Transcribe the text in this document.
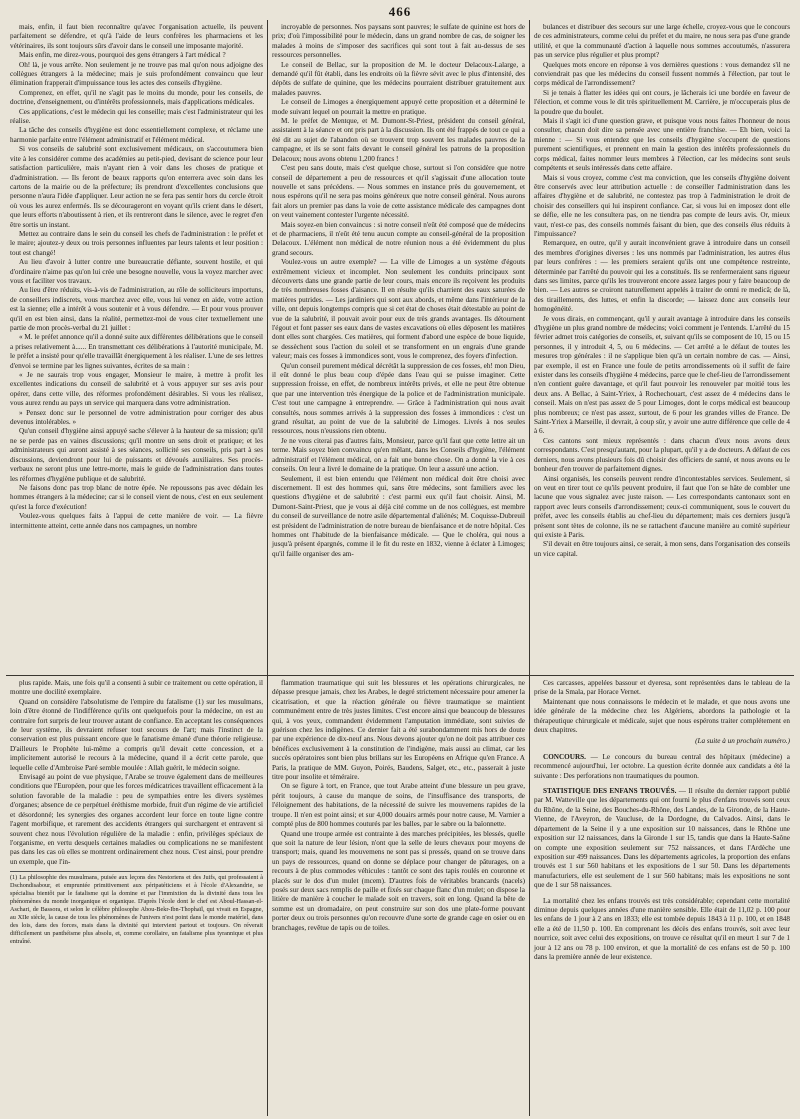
466

mais, enfin, il faut bien reconnaître qu'avec l'organisation actuelle, ils peuvent parfaitement se défendre, et qu'à l'aide de leurs confrères les pharmaciens et les vétérinaires, ils sont toujours sûrs d'avoir dans le conseil une imposante majorité.

Mais enfin, me direz-vous, pourquoi des gens étrangers à l'art médical ?

Oh! là, je vous arrête. Non seulement je ne trouve pas mal qu'on nous adjoigne des collègues étrangers à la médecine; mais je suis profondément convaincu que leur élimination frapperait d'impuissance tous les actes des conseils d'hygiène.

Comprenez, en effet, qu'il ne s'agit pas le moins du monde, pour les conseils, de doctrine, d'enseignement, ou d'intérêts professionnels, mais d'applications médicales.

Ces applications, c'est le médecin qui les conseille; mais c'est l'administrateur qui les réalise.

La tâche des conseils d'hygiène est donc essentiellement complexe, et réclame une harmonie parfaite entre l'élément administratif et l'élément médical.

Si vos conseils de salubrité sont exclusivement médicaux, on s'accoutumera bien vite à les considérer comme des académies au petit-pied, devisant de science pour leur satisfaction particulière, mais n'ayant rien à voir dans les choses de pratique et d'administration. — Ils feront de beaux rapports qu'on enterrera avec soin dans les cartons de la mairie ou de la préfecture; ils prendront d'excellentes conclusions que personne n'aura l'idée d'appliquer. Leur action ne se fera pas sentir hors du cercle étroit où vous les aurez enfermés. Ils se décourageront en voyant qu'ils crient dans le désert, que leurs efforts n'aboutissent à rien, et ils rentreront dans le silence, avec le regret d'en être sortis un instant.

Mettez au contraire dans le sein du conseil les chefs de l'administration : le préfet et le maire; ajoutez-y deux ou trois personnes influentes par leurs talents et leur position : tout est changé!

Au lieu d'avoir à lutter contre une bureaucratie défiante, souvent hostile, et qui d'ordinaire n'aime pas qu'on lui crée une besogne nouvelle, vous la voyez marcher avec vous et faciliter vos travaux.

Au lieu d'être réduits, vis-à-vis de l'administration, au rôle de solliciteurs importuns, de conseillers indiscrets, vous marchez avec elle, vous lui venez en aide, votre action est la sienne; elle a intérêt à vous soutenir et à vous défendre. — Et pour vous prouver qu'il en est bien ainsi, dans la réalité, permettez-moi de vous citer textuellement une partie de mon procès-verbal du 21 juillet :

« M. le préfet annonce qu'il a donné suite aux différentes délibérations que le conseil a prises relativement à...... En transmettant ces délibérations à l'autorité municipale, M. le préfet a insisté pour qu'elle travaillât énergiquement à les réaliser. L'une de ses lettres d'envoi se termine par les lignes suivantes, écrites de sa main :

« Je ne saurais trop vous engager, Monsieur le maire, à mettre à profit les excellentes indications du conseil de salubrité et à vous appuyer sur ses avis pour opérer, dans cette ville, des réformes profondément désirables. Si vous les réalisez, vous aurez rendu au pays un service qui marquera dans votre administration.

» Pensez donc sur le personnel de votre administration pour corriger des abus devenus intolérables. »

Qu'un conseil d'hygiène ainsi appuyé sache s'élever à la hauteur de sa mission; qu'il ne se perde pas en vaines discussions; qu'il montre un sens droit et pratique; et les administrateurs qui auront assisté à ses séances, sollicité ses conseils, pris part à ses discussions, deviendront pour lui de puissants et dévoués auxiliaires. Ses procès-verbaux ne seront plus une lettre-morte, mais le guide de l'administration dans toutes les réformes d'hygiène publique et de salubrité.

Ne faisons donc pas trop blanc de notre épée. Ne repoussons pas avec dédain les hommes étrangers à la médecine; car si le conseil vient de nous, c'est en eux seulement qu'est la force d'exécution!

Voulez-vous quelques faits à l'appui de cette manière de voir. — La fièvre intermittente atteint, cette année dans nos campagnes, un nombre

incroyable de personnes. Nos paysans sont pauvres; le sulfate de quinine est hors de prix; d'où l'impossibilité pour le médecin, dans un grand nombre de cas, de soigner les malades à moins de s'imposer des sacrifices qui sont tout à fait au-dessus de ses ressources personnelles.

Le conseil de Bellac, sur la proposition de M. le docteur Delacoux-Lalarge, a demandé qu'il fût établi, dans les endroits où la fièvre sévit avec le plus d'intensité, des dépôts de sulfate de quinine, que les médecins pourraient distribuer gratuitement aux malades pauvres.

Le conseil de Limoges a énergiquement appuyé cette proposition et a déterminé le mode suivant lequel on pourrait la mettre en pratique.

M. le préfet de Mentque, et M. Dumont-St-Priest, président du conseil général, assistaient à la séance et ont pris part à la discussion. Ils ont été frappés de tout ce qui a été dit au sujet de l'abandon où se trouvent trop souvent les malades pauvres de la campagne, et ils se sont faits devant le conseil général les patrons de la proposition Delacoux; nous avons obtenu 1,200 francs !

C'est peu sans doute, mais c'est quelque chose, surtout si l'on considère que notre conseil de département a peu de ressources et qu'il s'agissait d'une allocation toute nouvelle et sans précédens. — Nous sommes en instance près du gouvernement, et nous espérons qu'il ne sera pas moins généreux que notre conseil général. Nous aurons fait alors un premier pas dans la voie de cette assistance médicale des campagnes dont on veut vainement contester l'urgente nécessité.

Mais soyez-en bien convaincus : si notre conseil n'eût été composé que de médecins et de pharmaciens, il n'eût été tenu aucun compte au conseil-général de la proposition Delacoux. L'élément non médical de notre réunion nous a été évidemment du plus grand secours.

Voulez-vous un autre exemple? — La ville de Limoges a un système d'égouts extrêmement vicieux et incomplet. Non seulement les conduits principaux sont découverts dans une grande partie de leur cours, mais encore ils reçoivent les produits de très nombreuses fosses d'aisance. Il en résulte qu'ils charrient des eaux saturées de matières putrides. — Les jardiniers qui sont aux abords, et même dans l'intérieur de la ville, ont depuis longtemps compris que si cet état de choses était détestable au point de vue de la salubrité, il pouvait avoir pour eux de très grands avantages. Ils détournent l'égout et font passer ses eaux dans de vastes excavations où elles déposent les matières dont elles sont chargées. Ces matières, qui forment d'abord une espèce de boue liquide, se dessèchent sous l'action du soleil et se transforment en un engrais d'une grande valeur; mais ces fosses à immondices sont, vous le comprenez, des foyers d'infection.

Qu'un conseil purement médical décrétât la suppression de ces fosses, eh! mon Dieu, il eût donné le plus beau coup d'épée dans l'eau qui se puisse imaginer. Cette suppression froisse, en effet, de nombreux intérêts privés, et elle ne peut être obtenue que par une intervention très énergique de la police et de l'administration municipale. C'est tout une campagne à entreprendre. — Grâce à l'administration qui nous avait consultés, nous sommes arrivés à la suppression des fosses à immondices : c'est un grand résultat, au point de vue de la salubrité de Limoges. Livrés à nos seules ressources, nous n'eussions rien obtenu.

Je ne vous citerai pas d'autres faits, Monsieur, parce qu'il faut que cette lettre ait un terme. Mais soyez bien convaincu qu'en mêlant, dans les Conseils d'hygiène, l'élément administratif et l'élément médical, on a fait une bonne chose. On a donné la vie à ces conseils. On leur a livré le domaine de la pratique. On leur a assuré une action.

Seulement, il est bien entendu que l'élément non médical doit être choisi avec discernement. Il est des hommes qui, sans être médecins, sont familiers avec les questions d'hygiène et de salubrité : c'est parmi eux qu'il faut choisir. Ainsi, M. Dumont-Saint-Priest, que je vous ai déjà cité comme un de nos collègues, est membre du conseil de surveillance de notre asile départemental d'aliénés; M. Coquisse-Dubreuil est président de l'administration de notre bureau de bienfaisance et de notre hôpital. Ces hommes ont l'habitude de la bienfaisance médicale. — Que le choléra, qui nous a jusqu'à présent épargnés, comme il le fit du reste en 1832, vienne à éclater à Limoges; qu'il faille organiser des am-

bulances et distribuer des secours sur une large échelle, croyez-vous que le concours de ces administrateurs, comme celui du préfet et du maire, ne nous sera pas d'une grande utilité, et que la communauté d'action à laquelle nous sommes accoutumés, n'assurera pas un service plus régulier et plus prompt?

Quelques mots encore en réponse à vos dernières questions : vous demandez s'il ne conviendrait pas que les médecins du conseil fussent nommés à l'élection, par tout le corps médical de l'arrondissement?

Si je tenais à flatter les idées qui ont cours, je lâcherais ici une bordée en faveur de l'élection, et comme vous le dit très spirituellement M. Carrière, je m'occuperais plus de la poudre que du boulet.

Mais il s'agit ici d'une question grave, et puisque vous nous faites l'honneur de nous consulter, chacun doit dire sa pensée avec une entière franchise. — Eh bien, voici la mienne : — Si vous entendez que les conseils d'hygiène s'occupent de questions purement scientifiques, et prennent en main la gestion des intérêts professionnels du corps médical, faites nommer leurs membres à l'élection, car les médecins sont seuls compétents et seuls intéressés dans cette affaire.

Mais si vous croyez, comme c'est ma conviction, que les conseils d'hygiène doivent être conservés avec leur attribution actuelle : de conseiller l'administration dans les affaires d'hygiène et de salubrité, ne contestez pas trop à l'administration le droit de choisir des conseillers qui lui inspirent confiance. Car, si vous lui en imposez dont elle se défie, elle ne les consultera pas, on ne tiendra pas compte de leurs avis. Or, mieux vaut, n'est-ce pas, des conseils nommés faisant du bien, que des conseils élus réduits à l'impuissance?

Remarquez, en outre, qu'il y aurait inconvénient grave à introduire dans un conseil des membres d'origines diverses : les uns nommés par l'administration, les autres élus par leurs confrères : — les premiers seraient qu'ils ont une compétence restreinte, déterminée par l'arrêté du pouvoir qui les a constitués. Ils se renfermeraient sans rigueur dans ses limites, parce qu'ils les trouveront encore assez larges pour y faire beaucoup de bien. — Les autres se croiront naturellement appelés à traiter de omni re medicâ; de là, des tiraillements, des luttes, et enfin la discorde; — laissez donc aux conseils leur homogénéité.

Je vous dirais, en commençant, qu'il y aurait avantage à introduire dans les conseils d'hygiène un plus grand nombre de médecins; voici comment je l'entends. L'arrêté du 15 février admet trois catégories de conseils, et, suivant qu'ils se composent de 10, 15 ou 15 personnes, il y introduit 4, 5, ou 6 médecins. — Cet arrêté a le défaut de toutes les mesures trop générales : il ne s'applique bien qu'à un certain nombre de cas. — Ainsi, par exemple, il est en France une foule de petits arrondissements où il suffit de faire exister dans les conseils d'hygiène 4 médecins, parce que le chef-lieu de l'arrondissement n'en contient guère davantage, et qu'il faut pouvoir les renouveler par moitié tous les deux ans. A Bellac, à Saint-Yriex, à Rochechouart, c'est assez de 4 médecins dans le conseil. Mais on n'est pas assez de 5 pour Limoges, dont le corps médical est beaucoup plus nombreux; ce n'est pas assez, surtout, de 6 pour les grandes villes de France. De Saint-Yriex à Marseille, il devrait, à coup sûr, y avoir une autre différence que celle de 4 à 6.

Ces cantons sont mieux représentés : dans chacun d'eux nous avons deux correspondants. C'est presqu'autant, pour la plupart, qu'il y a de docteurs. A défaut de ces derniers, nous avons plusieurs fois dû choisir des officiers de santé, et nous avons eu le bonheur d'en trouver de parfaitement dignes.

Ainsi organisés, les conseils peuvent rendre d'incontestables services. Seulement, si on veut en tirer tout ce qu'ils peuvent produire, il faut que l'on se hâte de combler une lacune que vous signalez avec juste raison. — Les correspondants cantonaux sont en rapport avec leurs conseils d'arrondissement; ceux-ci communiquent, sous le couvert du préfet, avec les conseils établis au chef-lieu du département; mais ces derniers jusqu'à présent sont tètes de colonne, ils ne se rattachent d'aucune manière au comité supérieur qui existe à Paris.

S'il devait en être toujours ainsi, ce serait, à mon sens, dans l'organisation des conseils un vice capital.

plus rapide. Mais, une fois qu'il a consenti à subir ce traitement ou cette opération, il montre une docilité exemplaire.

Quand on considère l'absolutisme de l'empire du fatalisme (1) sur les musulmans, loin d'être étonné de l'indifférence qu'ils ont quelquefois pour la médecine, on est au contraire fort surpris de leur trouver autant de confiance. En acceptant les conséquences de leur système, ils devraient refuser tout secours de l'art; mais l'instinct de la conservation est plus puissant encore que le fanatisme émané d'une théorie religieuse. D'ailleurs le Prophète lui-même a compris qu'il devait cette concession, et a implicitement autorisé le recours à la médecine, quand il a écrit cette parole, que lequelle celle d'Ambroise Paré semble moulée : Allah guérit, le médecin soigne.

Envisagé au point de vue physique, l'Arabe se trouve également dans de meilleures conditions que l'Européen, pour que les forces médicatrices travaillent efficacement à la solution favorable de la maladie : peu de sympathies entre les divers systèmes d'organes; absence de ce perpétuel éréthisme morbide, fruit d'un régime de vie artificiel et désordonné; les synergies des organes accordent leur force en toute ligne contre l'agent morbifique, et rarement des accidents étrangers qui surchargent et entravent si souvent chez nous l'évolution régulière de la maladie : enfin, privilèges spéciaux de l'organisme, en vertu desquels certaines maladies ou complications ne se manifestent pas dans les cas où elles se montrent ordinairement chez nous. C'est ainsi, pour prendre un exemple, que l'in-

(1) La philosophie des musulmans, puisée aux leçons des Nestoriens et des Juifs, qui professaient à Dschondisabour, et empruntée primitivement aux péripatéticiens et à l'école d'Alexandrie, se spécialisa bientôt par le fatalisme qui la domine et par l'immixtion du la divinité dans tous les phénomènes du monde inorganique et organique. D'après l'école dont le chef est Aboul-Hassan-el-Aschari, de Bassora, et selon le célèbre philosophe Abou-Bekr-Ibn-Thophaïl, qui vivait en Espagne, au XIIe siècle, la cause de tous les phénomènes de l'univers n'est point dans le monde matériel, dans des lois, dans des forces, mais dans la divinité qui intervient partout et toujours. On réverait difficilement un panthéisme plus absolu, et, comme corollaire, un fatalisme plus tyrannique et plus entraîné.

flammation traumatique qui suit les blessures et les opérations chirurgicales, ne dépasse presque jamais, chez les Arabes, le degré strictement nécessaire pour amener la cicatrisation, et que la réaction générale ou fièvre traumatique se maintient communément entre de très justes limites. C'est encore ainsi que beaucoup de blessures qui, à vos yeux, commandent évidemment l'amputation immédiate, sont suivies de guérison chez les indigènes. Ce dernier fait a été surabondamment mis hors de doute par une expérience de dix-neuf ans. Nous devons ajouter qu'on ne doit pas attribuer ces bénéfices exclusivement à la constitution de l'indigène, mais aussi au climat, car les succès opératoires sont bien plus brillans sur les Européens en Afrique qu'en France. A Paris, la pratique de MM. Guyon, Poirés, Baudens, Salget, etc., etc., passerait à juste titre pour insolite et téméraire.

On se figure à tort, en France, que tout Arabe atteint d'une blessure un peu grave, périt toujours, à cause du manque de soins, de l'insuffisance des transports, de l'éloignement des habitations, de la nécessité de suivre les mouvemens rapides de la troupe. Il n'en est point ainsi; et sur 4,000 douairs armés pour notre cause, M. Varnier a compté plus de 800 hommes couturés par les balles, par le sabre ou la baïonnette.

Quand une troupe armée est contrainte à des marches précipitées, les blessés, quelle que soit la nature de leur lésion, n'ont que la selle de leurs chevaux pour moyens de transport; mais, quand les mouvemens ne sont pas si pressés, quand on se trouve dans un pays de ressources, quand on donne se déplace pour changer de pâturages, on a recours à de plus commodes véhicules : tantôt ce sont des tapis roulés en couronne et placés sur le dos d'un mulet (mcem). D'autres fois de véritables brancards (nacels) posés sur deux sacs remplis de paille et fixés sur chaque flanc d'un mulet; on dispose la litière de manière à coucher le malade soit en travers, soit en long. Quand la bête de somme est un dromadaire, on peut construire sur son dos une plate-forme pouvant porter deux ou trois personnes qu'on recouvre d'une sorte de grande cage en osier ou en branchages, revêtue de tapis ou de toiles.

Ces carcasses, appelées bassour et dyeresa, sont représentées dans le tableau de la prise de la Smala, par Horace Vernet.

Maintenant que nous connaissons le médecin et le malade, et que nous avons une idée générale de la médecine chez les Algériens, abordons la pathologie et la thérapeutique chirurgicale et médicale, sujet que nous espérons traiter complétement en deux chapitres.

(La suite à un prochain numéro.)

CONCOURS. — Le concours du bureau central des hôpitaux (médecine) a recommencé aujourd'hui, 1er octobre. La question écrite donnée aux candidats a été la suivante : Des perforations non traumatiques du poumon.

STATISTIQUE DES ENFANS TROUVÉS. — Il résulte du dernier rapport publié par M. Watteville que les départements qui ont fourni le plus d'enfans trouvés sont ceux du Rhône, de la Seine, des Bouches-du-Rhône, des Landes, de la Gironde, de la Haute-Vienne, de l'Aveyron, de Vaucluse, de la Dordogne, du Calvados. Ainsi, dans le département de la Seine il y a une exposition sur 10 naissances, dans le Rhône une exposition sur 12 naissances, dans la Gironde 1 sur 15, tandis que dans la Haute-Saône on compte une exposition seulement sur 752 naissances, et dans l'Ardèche une exposition sur 499 naissances. Dans les départements agricoles, la proportion des enfans trouvés est 1 sur 560 habitans et les expositions de 1 sur 50. Dans les départements manufacturiers, elle est seulement de 1 sur 560 habitans; mais les expositions ne sont que de 1 sur 58 naissances.

La mortalité chez les enfans trouvés est très considérable; cependant cette mortalité diminue depuis quelques années d'une manière sensible. Elle était de 11,02 p. 100 pour les enfans de 1 jour à 2 ans en 1833; elle est tombée depuis 1843 à 11 p. 100, et en 1848 elle a été de 11,50 p. 100. En comprenant les décès des enfans trouvés, soit avec leur nourrice, soit avec celui des expositions, on trouve ce résultat qu'il en meurt 1 sur 7 de 1 jour à 12 ans ou 78 p. 100 environ, et que la mortalité de ces enfans est de 50 p. 100 dans la première année de leur existence.
